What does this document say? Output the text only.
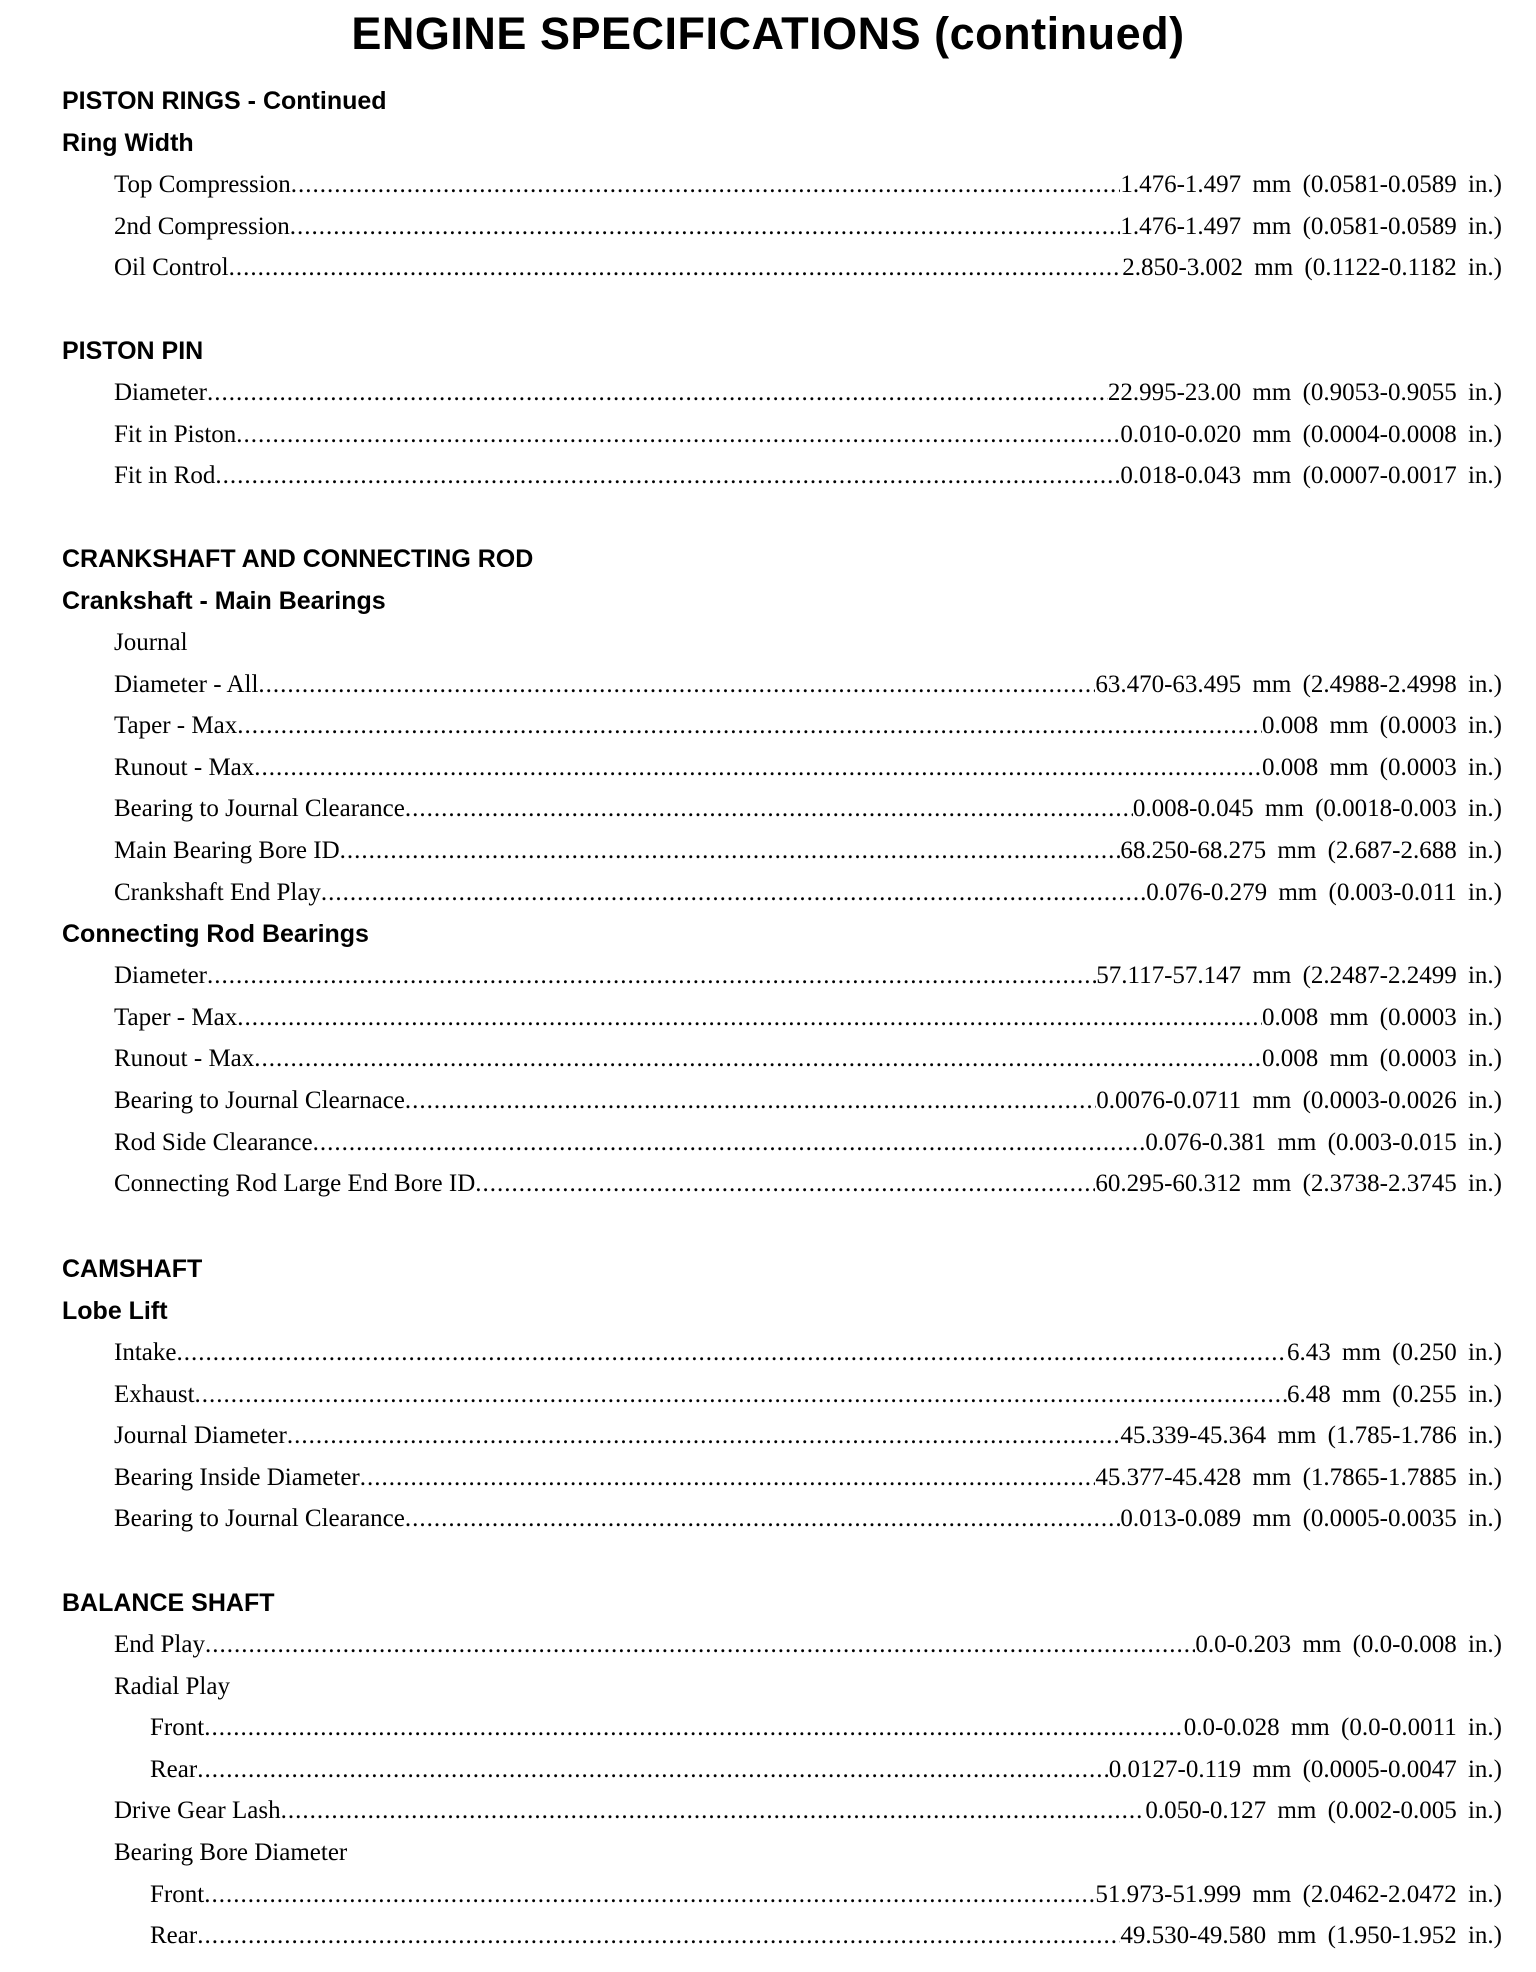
ENGINE SPECIFICATIONS (continued)
PISTON RINGS - Continued
Ring Width
Top Compression .....	1.476-1.497 mm (0.0581-0.0589 in.)
2nd Compression .....	1.476-1.497 mm (0.0581-0.0589 in.)
Oil Control .....	2.850-3.002 mm (0.1122-0.1182 in.)
PISTON PIN
Diameter .....	22.995-23.00 mm (0.9053-0.9055 in.)
Fit in Piston .....	0.010-0.020 mm (0.0004-0.0008 in.)
Fit in Rod .....	0.018-0.043 mm (0.0007-0.0017 in.)
CRANKSHAFT AND CONNECTING ROD
Crankshaft - Main Bearings
Journal
Diameter - All .....	63.470-63.495 mm (2.4988-2.4998 in.)
Taper - Max .....	0.008 mm (0.0003 in.)
Runout - Max .....	0.008 mm (0.0003 in.)
Bearing to Journal Clearance .....	0.008-0.045 mm (0.0018-0.003 in.)
Main Bearing Bore ID .....	68.250-68.275 mm (2.687-2.688 in.)
Crankshaft End Play .....	0.076-0.279 mm (0.003-0.011 in.)
Connecting Rod Bearings
Diameter .....	57.117-57.147 mm (2.2487-2.2499 in.)
Taper - Max .....	0.008 mm (0.0003 in.)
Runout - Max .....	0.008 mm (0.0003 in.)
Bearing to Journal Clearnace .....	0.0076-0.0711 mm (0.0003-0.0026 in.)
Rod Side Clearance .....	0.076-0.381 mm (0.003-0.015 in.)
Connecting Rod Large End Bore ID .....	60.295-60.312 mm (2.3738-2.3745 in.)
CAMSHAFT
Lobe Lift
Intake .....	6.43 mm (0.250 in.)
Exhaust .....	6.48 mm (0.255 in.)
Journal Diameter .....	45.339-45.364 mm (1.785-1.786 in.)
Bearing Inside Diameter .....	45.377-45.428 mm (1.7865-1.7885 in.)
Bearing to Journal Clearance .....	0.013-0.089 mm (0.0005-0.0035 in.)
BALANCE SHAFT
End Play .....	0.0-0.203 mm (0.0-0.008 in.)
Radial Play
Front .....	0.0-0.028 mm (0.0-0.0011 in.)
Rear .....	0.0127-0.119 mm (0.0005-0.0047 in.)
Drive Gear Lash .....	0.050-0.127 mm (0.002-0.005 in.)
Bearing Bore Diameter
Front .....	51.973-51.999 mm (2.0462-2.0472 in.)
Rear .....	49.530-49.580 mm (1.950-1.952 in.)
